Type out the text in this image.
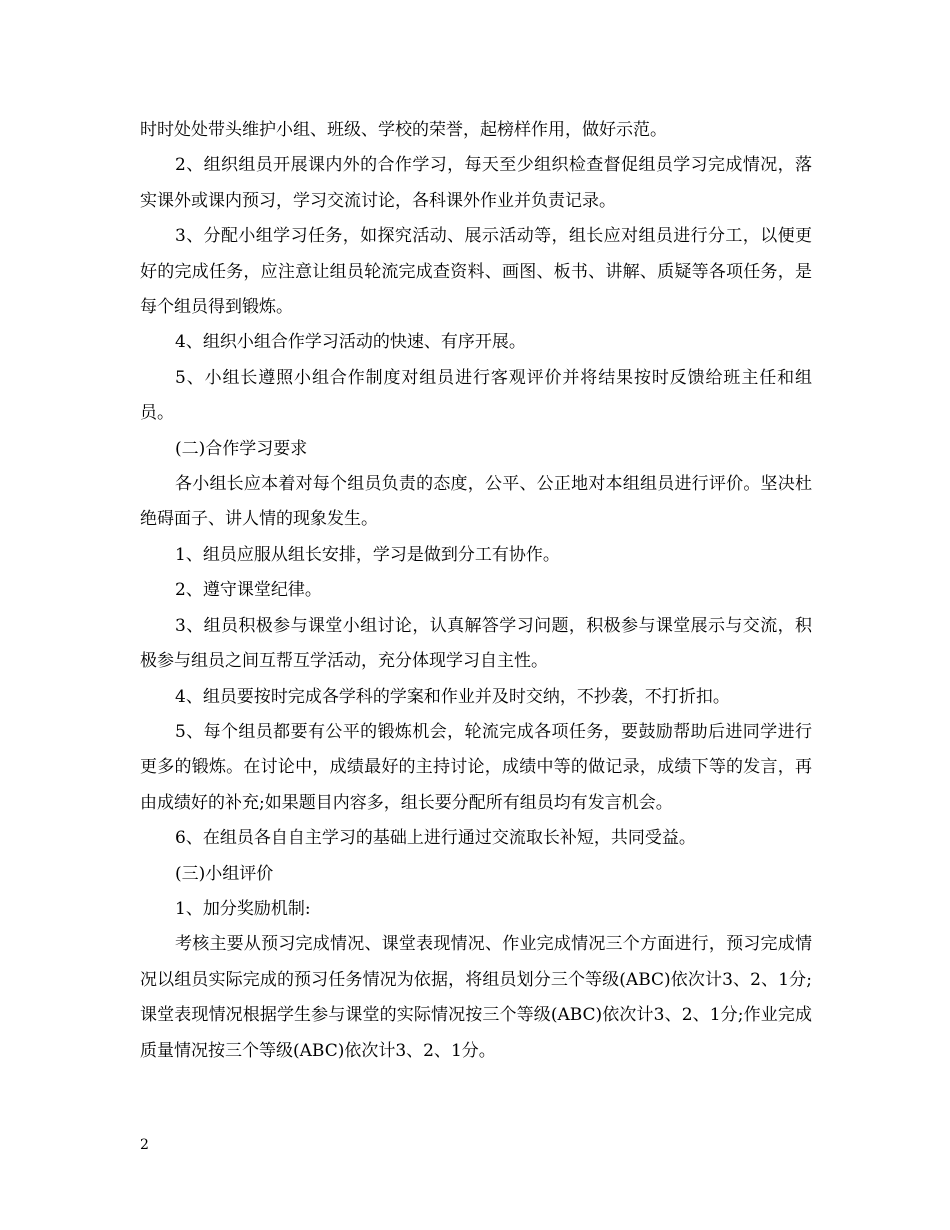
时时处处带头维护小组、班级、学校的荣誉，起榜样作用，做好示范。

2、组织组员开展课内外的合作学习，每天至少组织检查督促组员学习完成情况，落实课外或课内预习，学习交流讨论，各科课外作业并负责记录。

3、分配小组学习任务，如探究活动、展示活动等，组长应对组员进行分工，以便更好的完成任务，应注意让组员轮流完成查资料、画图、板书、讲解、质疑等各项任务，是每个组员得到锻炼。

4、组织小组合作学习活动的快速、有序开展。

5、小组长遵照小组合作制度对组员进行客观评价并将结果按时反馈给班主任和组员。

(二)合作学习要求

各小组长应本着对每个组员负责的态度，公平、公正地对本组组员进行评价。坚决杜绝碍面子、讲人情的现象发生。

1、组员应服从组长安排，学习是做到分工有协作。

2、遵守课堂纪律。

3、组员积极参与课堂小组讨论，认真解答学习问题，积极参与课堂展示与交流，积极参与组员之间互帮互学活动，充分体现学习自主性。

4、组员要按时完成各学科的学案和作业并及时交纳，不抄袭，不打折扣。

5、每个组员都要有公平的锻炼机会，轮流完成各项任务，要鼓励帮助后进同学进行更多的锻炼。在讨论中，成绩最好的主持讨论，成绩中等的做记录，成绩下等的发言，再由成绩好的补充;如果题目内容多，组长要分配所有组员均有发言机会。

6、在组员各自自主学习的基础上进行通过交流取长补短，共同受益。

(三)小组评价

1、加分奖励机制:

考核主要从预习完成情况、课堂表现情况、作业完成情况三个方面进行，预习完成情况以组员实际完成的预习任务情况为依据，将组员划分三个等级(ABC)依次计3、2、1分;课堂表现情况根据学生参与课堂的实际情况按三个等级(ABC)依次计3、2、1分;作业完成质量情况按三个等级(ABC)依次计3、2、1分。

2
